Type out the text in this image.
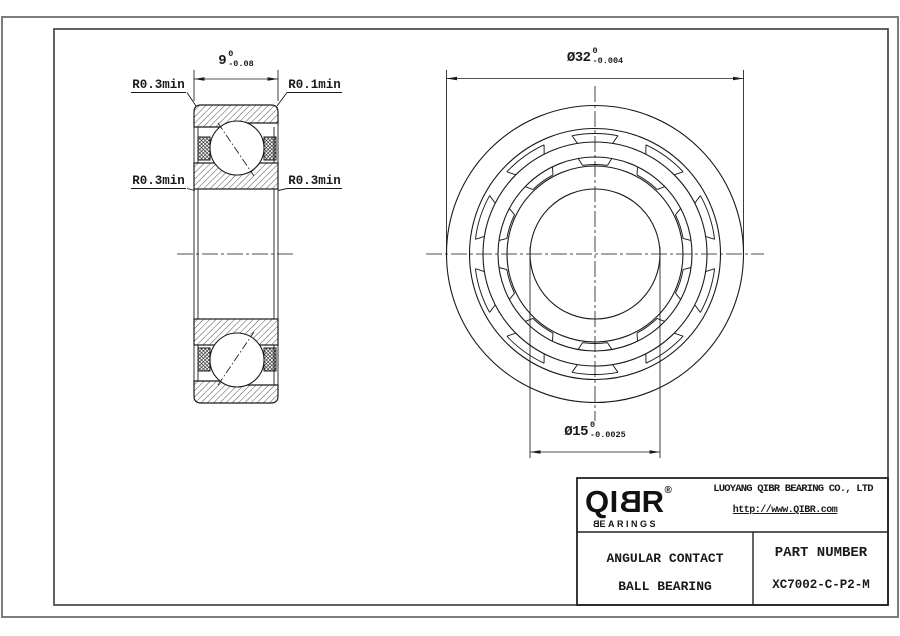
9 0
-0.08
R0.3min	R0.1min
R0.3min	R0.3min
Ø32 0
-0.004
Ø15 0
-0.0025
QIBR®
BEARINGS
LUOYANG QIBR BEARING CO., LTD
http://www.QIBR.com
ANGULAR CONTACT
BALL BEARING
PART NUMBER
XC7002-C-P2-M
